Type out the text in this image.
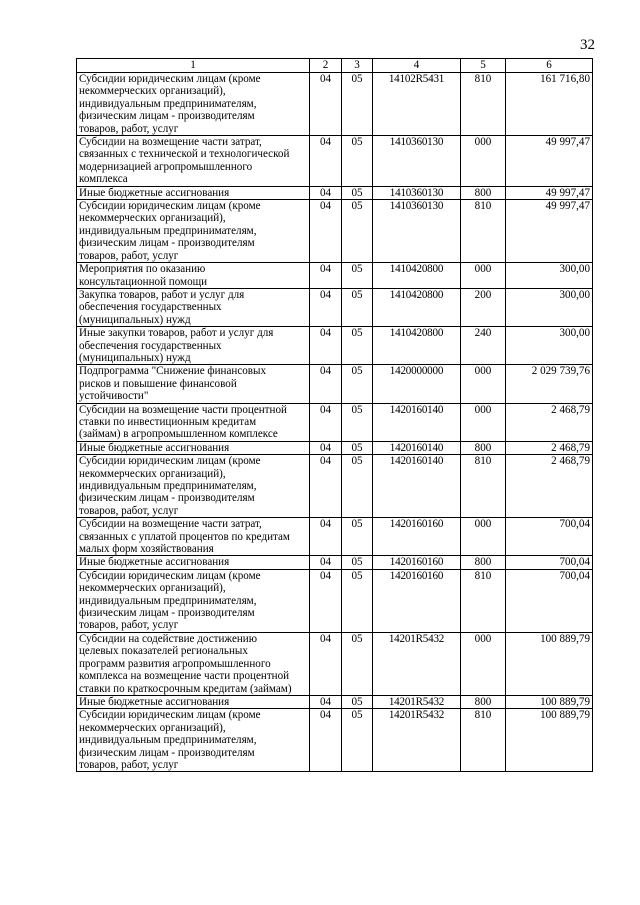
32
1	2	3	4	5	6
Субсидии юридическим лицам (кроме
некоммерческих организаций),
индивидуальным предпринимателям,
физическим лицам - производителям
товаров, работ, услуг	04	05	14102R5431	810	161 716,80
Субсидии на возмещение части затрат,
связанных с технической и технологической
модернизацией агропромышленного
комплекса	04	05	1410360130	000	49 997,47
Иные бюджетные ассигнования	04	05	1410360130	800	49 997,47
Субсидии юридическим лицам (кроме
некоммерческих организаций),
индивидуальным предпринимателям,
физическим лицам - производителям
товаров, работ, услуг	04	05	1410360130	810	49 997,47
Мероприятия по оказанию
консультационной помощи	04	05	1410420800	000	300,00
Закупка товаров, работ и услуг для
обеспечения государственных
(муниципальных) нужд	04	05	1410420800	200	300,00
Иные закупки товаров, работ и услуг для
обеспечения государственных
(муниципальных) нужд	04	05	1410420800	240	300,00
Подпрограмма "Снижение финансовых
рисков и повышение финансовой
устойчивости"	04	05	1420000000	000	2 029 739,76
Субсидии на возмещение части процентной
ставки по инвестиционным кредитам
(займам) в агропромышленном комплексе	04	05	1420160140	000	2 468,79
Иные бюджетные ассигнования	04	05	1420160140	800	2 468,79
Субсидии юридическим лицам (кроме
некоммерческих организаций),
индивидуальным предпринимателям,
физическим лицам - производителям
товаров, работ, услуг	04	05	1420160140	810	2 468,79
Субсидии на возмещение части затрат,
связанных с уплатой процентов по кредитам
малых форм хозяйствования	04	05	1420160160	000	700,04
Иные бюджетные ассигнования	04	05	1420160160	800	700,04
Субсидии юридическим лицам (кроме
некоммерческих организаций),
индивидуальным предпринимателям,
физическим лицам - производителям
товаров, работ, услуг	04	05	1420160160	810	700,04
Субсидии на содействие достижению
целевых показателей региональных
программ развития агропромышленного
комплекса на возмещение части процентной
ставки по краткосрочным кредитам (займам)	04	05	14201R5432	000	100 889,79
Иные бюджетные ассигнования	04	05	14201R5432	800	100 889,79
Субсидии юридическим лицам (кроме
некоммерческих организаций),
индивидуальным предпринимателям,
физическим лицам - производителям
товаров, работ, услуг	04	05	14201R5432	810	100 889,79
